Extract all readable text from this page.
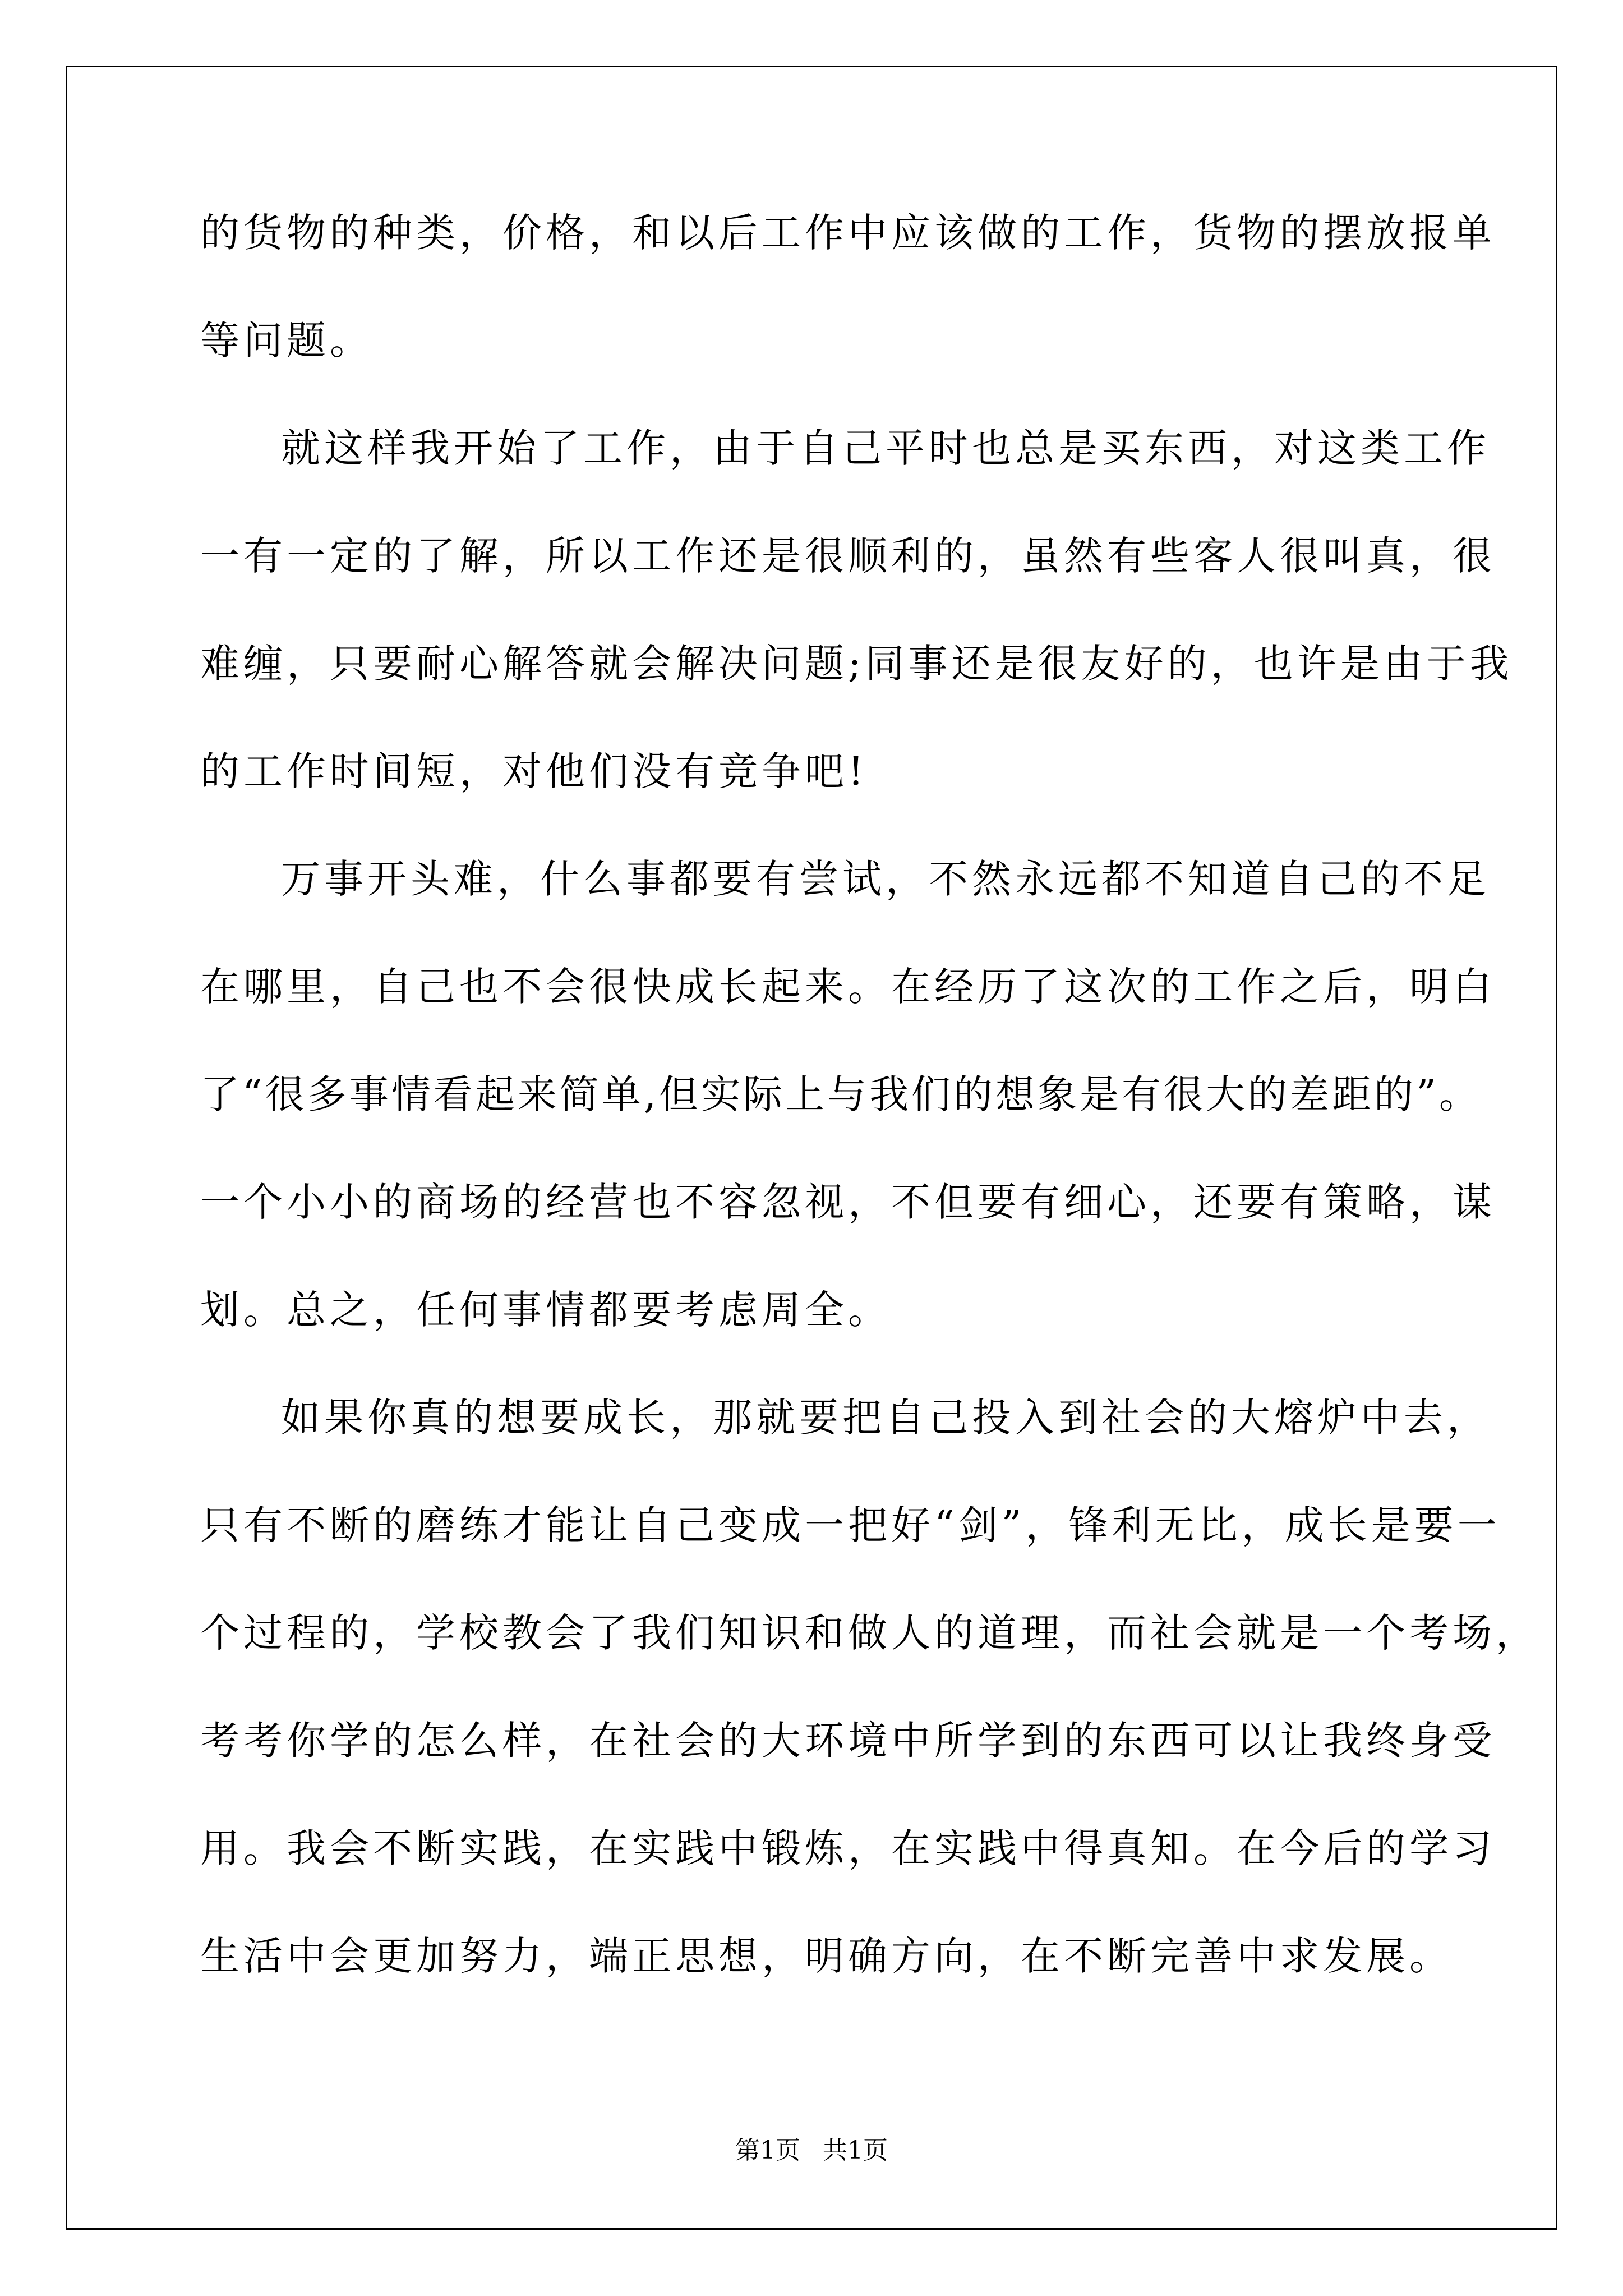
的货物的种类，价格，和以后工作中应该做的工作，货物的摆放报单
等问题。
就这样我开始了工作，由于自己平时也总是买东西，对这类工作
一有一定的了解，所以工作还是很顺利的，虽然有些客人很叫真，很
难缠，只要耐心解答就会解决问题;同事还是很友好的，也许是由于我
的工作时间短，对他们没有竞争吧!
万事开头难，什么事都要有尝试，不然永远都不知道自己的不足
在哪里，自己也不会很快成长起来。在经历了这次的工作之后，明白
了“很多事情看起来简单,但实际上与我们的想象是有很大的差距的”。
一个小小的商场的经营也不容忽视，不但要有细心，还要有策略，谋
划。总之，任何事情都要考虑周全。
如果你真的想要成长，那就要把自己投入到社会的大熔炉中去，
只有不断的磨练才能让自己变成一把好“剑”，锋利无比，成长是要一
个过程的，学校教会了我们知识和做人的道理，而社会就是一个考场，
考考你学的怎么样，在社会的大环境中所学到的东西可以让我终身受
用。我会不断实践，在实践中锻炼，在实践中得真知。在今后的学习
生活中会更加努力，端正思想，明确方向，在不断完善中求发展。
第1页 共1页
